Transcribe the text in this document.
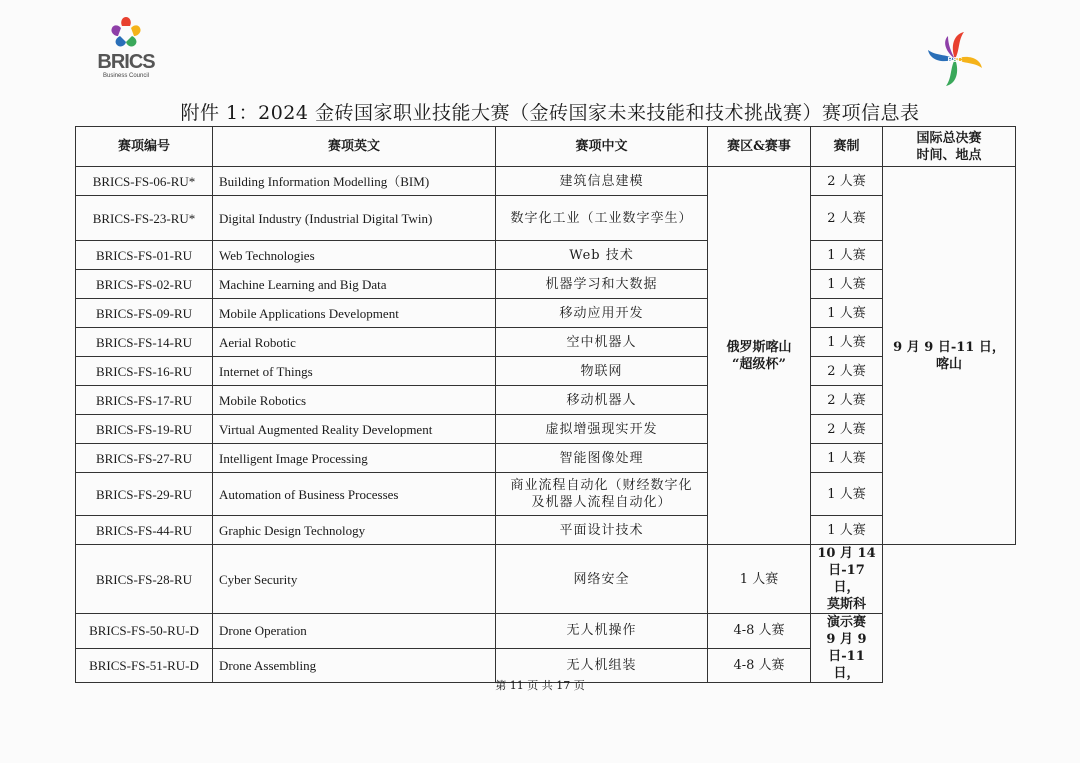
BRICS
Business Council
BSC
附件 1：2024 金砖国家职业技能大赛（金砖国家未来技能和技术挑战赛）赛项信息表
赛项编号	赛项英文	赛项中文	赛区&赛事	赛制	国际总决赛
时间、地点
BRICS-FS-06-RU*	Building Information Modelling（BIM)	建筑信息建模	俄罗斯喀山
“超级杯”	2 人赛	9 月 9 日-11 日，
喀山
BRICS-FS-23-RU*	Digital Industry (Industrial Digital Twin)	数字化工业（工业数字孪生）		2 人赛	
BRICS-FS-01-RU	Web Technologies	Web 技术		1 人赛	
BRICS-FS-02-RU	Machine Learning and Big Data	机器学习和大数据		1 人赛	
BRICS-FS-09-RU	Mobile Applications Development	移动应用开发		1 人赛	
BRICS-FS-14-RU	Aerial Robotic	空中机器人		1 人赛	
BRICS-FS-16-RU	Internet of Things	物联网		2 人赛	
BRICS-FS-17-RU	Mobile Robotics	移动机器人		2 人赛	
BRICS-FS-19-RU	Virtual Augmented Reality Development	虚拟增强现实开发		2 人赛	
BRICS-FS-27-RU	Intelligent Image Processing	智能图像处理		1 人赛	
BRICS-FS-29-RU	Automation of Business Processes	商业流程自动化（财经数字化
及机器人流程自动化）		1 人赛	
BRICS-FS-44-RU	Graphic Design Technology	平面设计技术		1 人赛	
BRICS-FS-28-RU	Cyber Security	网络安全	1 人赛	10 月 14 日-17 日，
莫斯科	
BRICS-FS-50-RU-D	Drone Operation	无人机操作	4-8 人赛	演示赛
9 月 9 日-11 日，	
BRICS-FS-51-RU-D	Drone Assembling	无人机组装	4-8 人赛		
第 11 页 共 17 页
